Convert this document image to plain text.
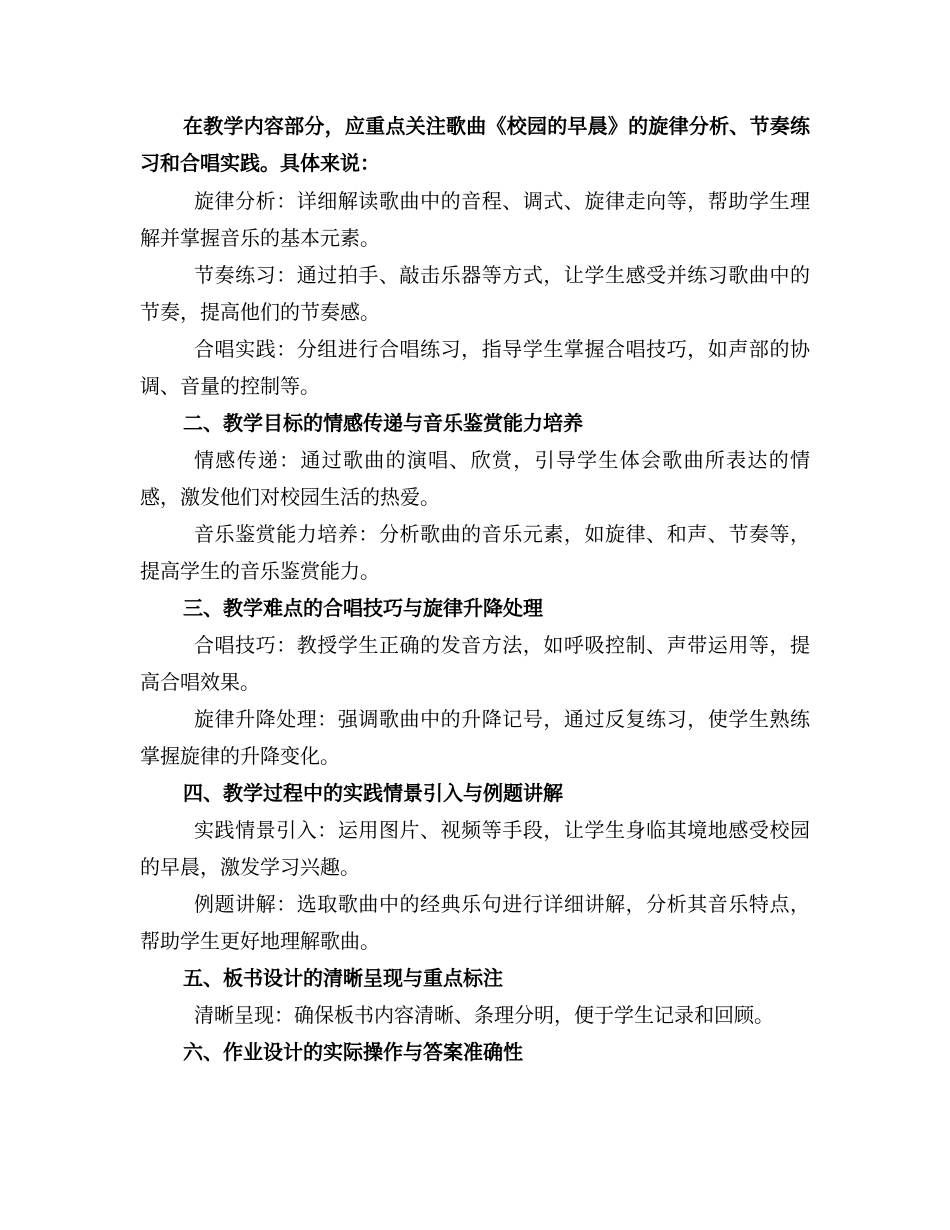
在教学内容部分，应重点关注歌曲《校园的早晨》的旋律分析、节奏练习和合唱实践。具体来说：

旋律分析：详细解读歌曲中的音程、调式、旋律走向等，帮助学生理解并掌握音乐的基本元素。

节奏练习：通过拍手、敲击乐器等方式，让学生感受并练习歌曲中的节奏，提高他们的节奏感。

合唱实践：分组进行合唱练习，指导学生掌握合唱技巧，如声部的协调、音量的控制等。

二、教学目标的情感传递与音乐鉴赏能力培养

情感传递：通过歌曲的演唱、欣赏，引导学生体会歌曲所表达的情感，激发他们对校园生活的热爱。

音乐鉴赏能力培养：分析歌曲的音乐元素，如旋律、和声、节奏等，提高学生的音乐鉴赏能力。

三、教学难点的合唱技巧与旋律升降处理

合唱技巧：教授学生正确的发音方法，如呼吸控制、声带运用等，提高合唱效果。

旋律升降处理：强调歌曲中的升降记号，通过反复练习，使学生熟练掌握旋律的升降变化。

四、教学过程中的实践情景引入与例题讲解

实践情景引入：运用图片、视频等手段，让学生身临其境地感受校园的早晨，激发学习兴趣。

例题讲解：选取歌曲中的经典乐句进行详细讲解，分析其音乐特点，帮助学生更好地理解歌曲。

五、板书设计的清晰呈现与重点标注

清晰呈现：确保板书内容清晰、条理分明，便于学生记录和回顾。

六、作业设计的实际操作与答案准确性
